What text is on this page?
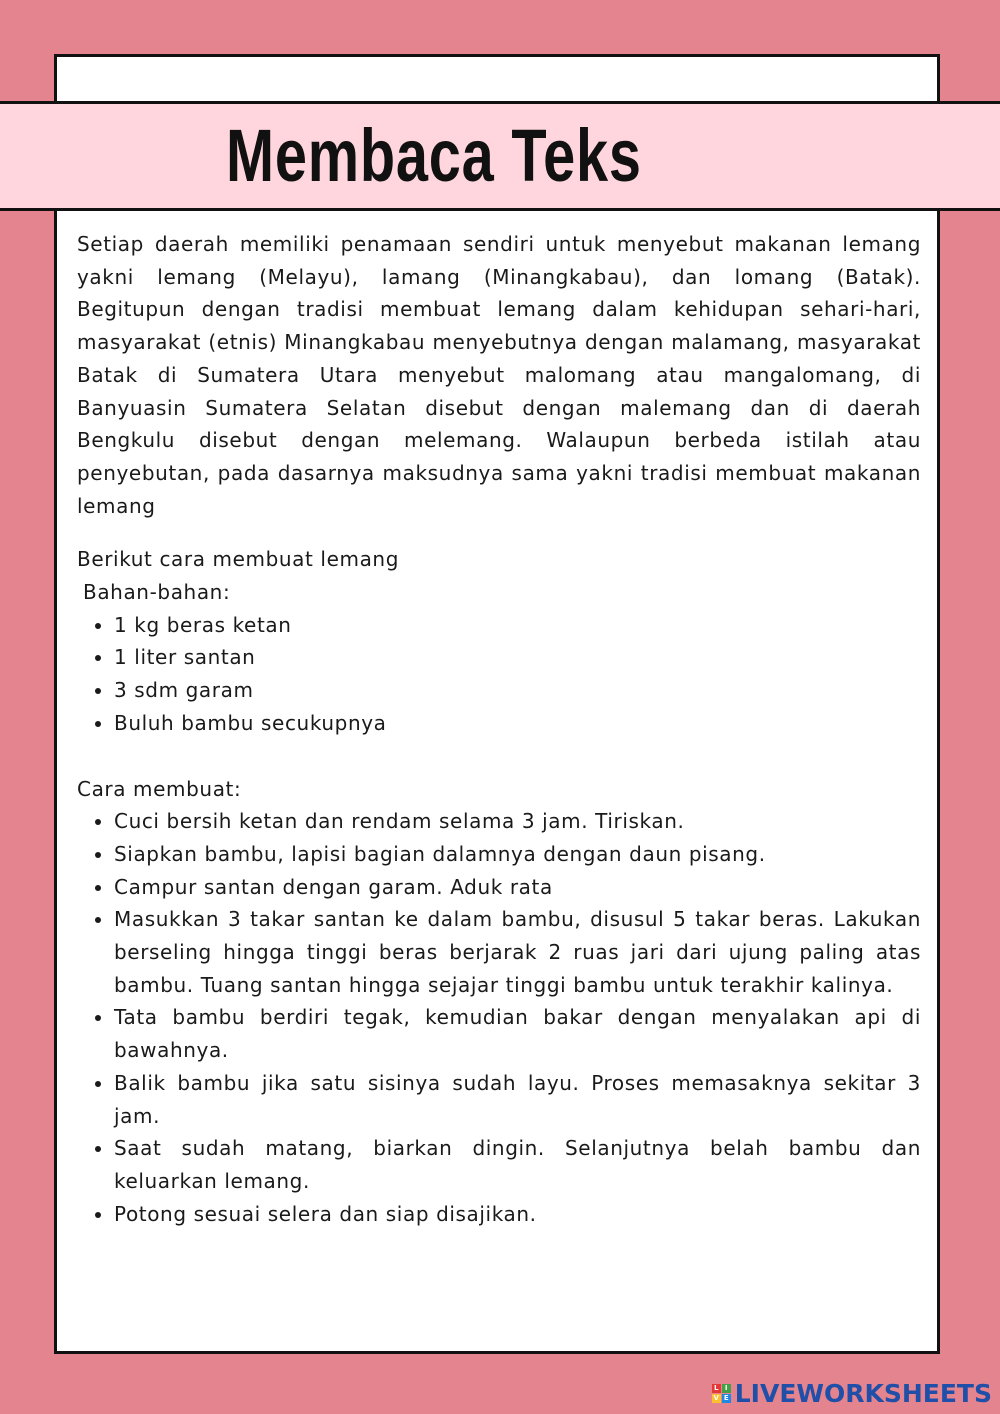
Membaca Teks

Setiap daerah memiliki penamaan sendiri untuk menyebut makanan lemang yakni lemang (Melayu), lamang (Minangkabau), dan lomang (Batak). Begitupun dengan tradisi membuat lemang dalam kehidupan sehari-hari, masyarakat (etnis) Minangkabau menyebutnya dengan malamang, masyarakat Batak di Sumatera Utara menyebut malomang atau mangalomang, di Banyuasin Sumatera Selatan disebut dengan malemang dan di daerah Bengkulu disebut dengan melemang. Walaupun berbeda istilah atau penyebutan, pada dasarnya maksudnya sama yakni tradisi membuat makanan lemang

Berikut cara membuat lemang

Bahan-bahan:

• 1 kg beras ketan
• 1 liter santan
• 3 sdm garam
• Buluh bambu secukupnya

Cara membuat:

• Cuci bersih ketan dan rendam selama 3 jam. Tiriskan.
• Siapkan bambu, lapisi bagian dalamnya dengan daun pisang.
• Campur santan dengan garam. Aduk rata
• Masukkan 3 takar santan ke dalam bambu, disusul 5 takar beras. Lakukan berseling hingga tinggi beras berjarak 2 ruas jari dari ujung paling atas bambu. Tuang santan hingga sejajar tinggi bambu untuk terakhir kalinya.
• Tata bambu berdiri tegak, kemudian bakar dengan menyalakan api di bawahnya.
• Balik bambu jika satu sisinya sudah layu. Proses memasaknya sekitar 3 jam.
• Saat sudah matang, biarkan dingin. Selanjutnya belah bambu dan keluarkan lemang.
• Potong sesuai selera dan siap disajikan.
L I
V E LIVEWORKSHEETS
